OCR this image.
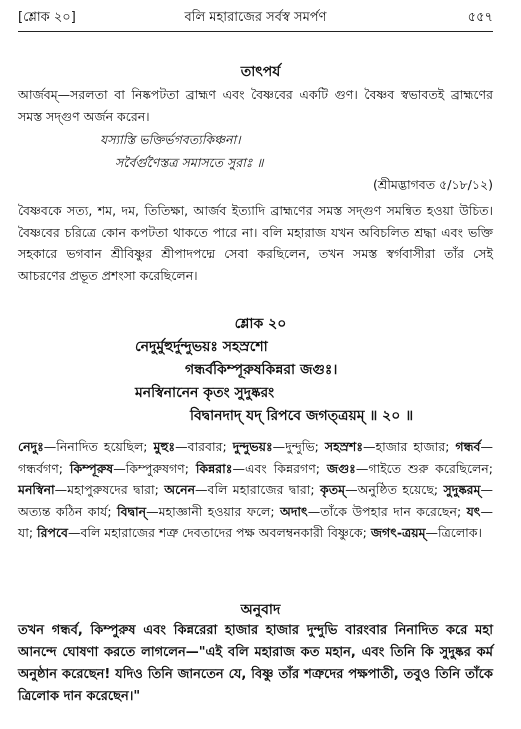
[শ্লোক ২০]	বলি মহারাজের সর্বস্ব সমর্পণ	৫৫৭
তাৎপর্য
আর্জবম্—সরলতা বা নিষ্কপটতা ব্রাহ্মণ এবং বৈষ্ণবের একটি গুণ। বৈষ্ণব স্বভাবতই ব্রাহ্মণের সমস্ত সদ্‌গুণ অর্জন করেন।
যস্যাস্তি ভক্তির্ভগবত্যকিঞ্চনা।
সর্বৈর্গুণৈস্তত্র সমাসতে সুরাঃ ॥
(শ্রীমদ্ভাগবত ৫/১৮/১২)
বৈষ্ণবকে সত্য, শম, দম, তিতিক্ষা, আর্জব ইত্যাদি ব্রাহ্মণের সমস্ত সদ্‌গুণ সমন্বিত হওয়া উচিত। বৈষ্ণবের চরিত্রে কোন কপটতা থাকতে পারে না। বলি মহারাজ যখন অবিচলিত শ্রদ্ধা এবং ভক্তি সহকারে ভগবান শ্রীবিষ্ণুর শ্রীপাদপদ্মে সেবা করছিলেন, তখন সমস্ত স্বর্গবাসীরা তাঁর সেই আচরণের প্রভূত প্রশংসা করেছিলেন।
শ্লোক ২০
নেদুর্মুহুর্দুন্দুভয়ঃ সহস্রশো
গন্ধর্বকিম্পূরুষকিন্নরা জগুঃ।
মনস্বিনানেন কৃতং সুদুষ্করং
বিদ্বানদাদ্ যদ্ রিপবে জগত্ত্রয়ম্ ॥ ২০ ॥
নেদুঃ—নিনাদিত হয়েছিল; মুহুঃ—বারবার; দুন্দুভয়ঃ—দুন্দুভি; সহস্রশঃ—হাজার হাজার; গন্ধর্ব—গন্ধর্বগণ; কিম্পূরুষ—কিম্পুরুষগণ; কিন্নরাঃ—এবং কিন্নরগণ; জগুঃ—গাইতে শুরু করেছিলেন; মনস্বিনা—মহাপুরুষদের দ্বারা; অনেন—বলি মহারাজের দ্বারা; কৃতম্—অনুষ্ঠিত হয়েছে; সুদুষ্করম্—অত্যন্ত কঠিন কার্য; বিদ্বান্—মহাজ্ঞানী হওয়ার ফলে; অদাৎ—তাঁকে উপহার দান করেছেন; যৎ—যা; রিপবে—বলি মহারাজের শত্রু দেবতাদের পক্ষ অবলম্বনকারী বিষ্ণুকে; জগৎ-ত্রয়ম্—ত্রিলোক।
অনুবাদ
তখন গন্ধর্ব, কিম্পুরুষ এবং কিন্নরেরা হাজার হাজার দুন্দুভি বারংবার নিনাদিত করে মহা আনন্দে ঘোষণা করতে লাগলেন—"এই বলি মহারাজ কত মহান, এবং তিনি কি সুদুষ্কর কর্ম অনুষ্ঠান করেছেন! যদিও তিনি জানতেন যে, বিষ্ণু তাঁর শত্রুদের পক্ষপাতী, তবুও তিনি তাঁকে ত্রিলোক দান করেছেন।"
